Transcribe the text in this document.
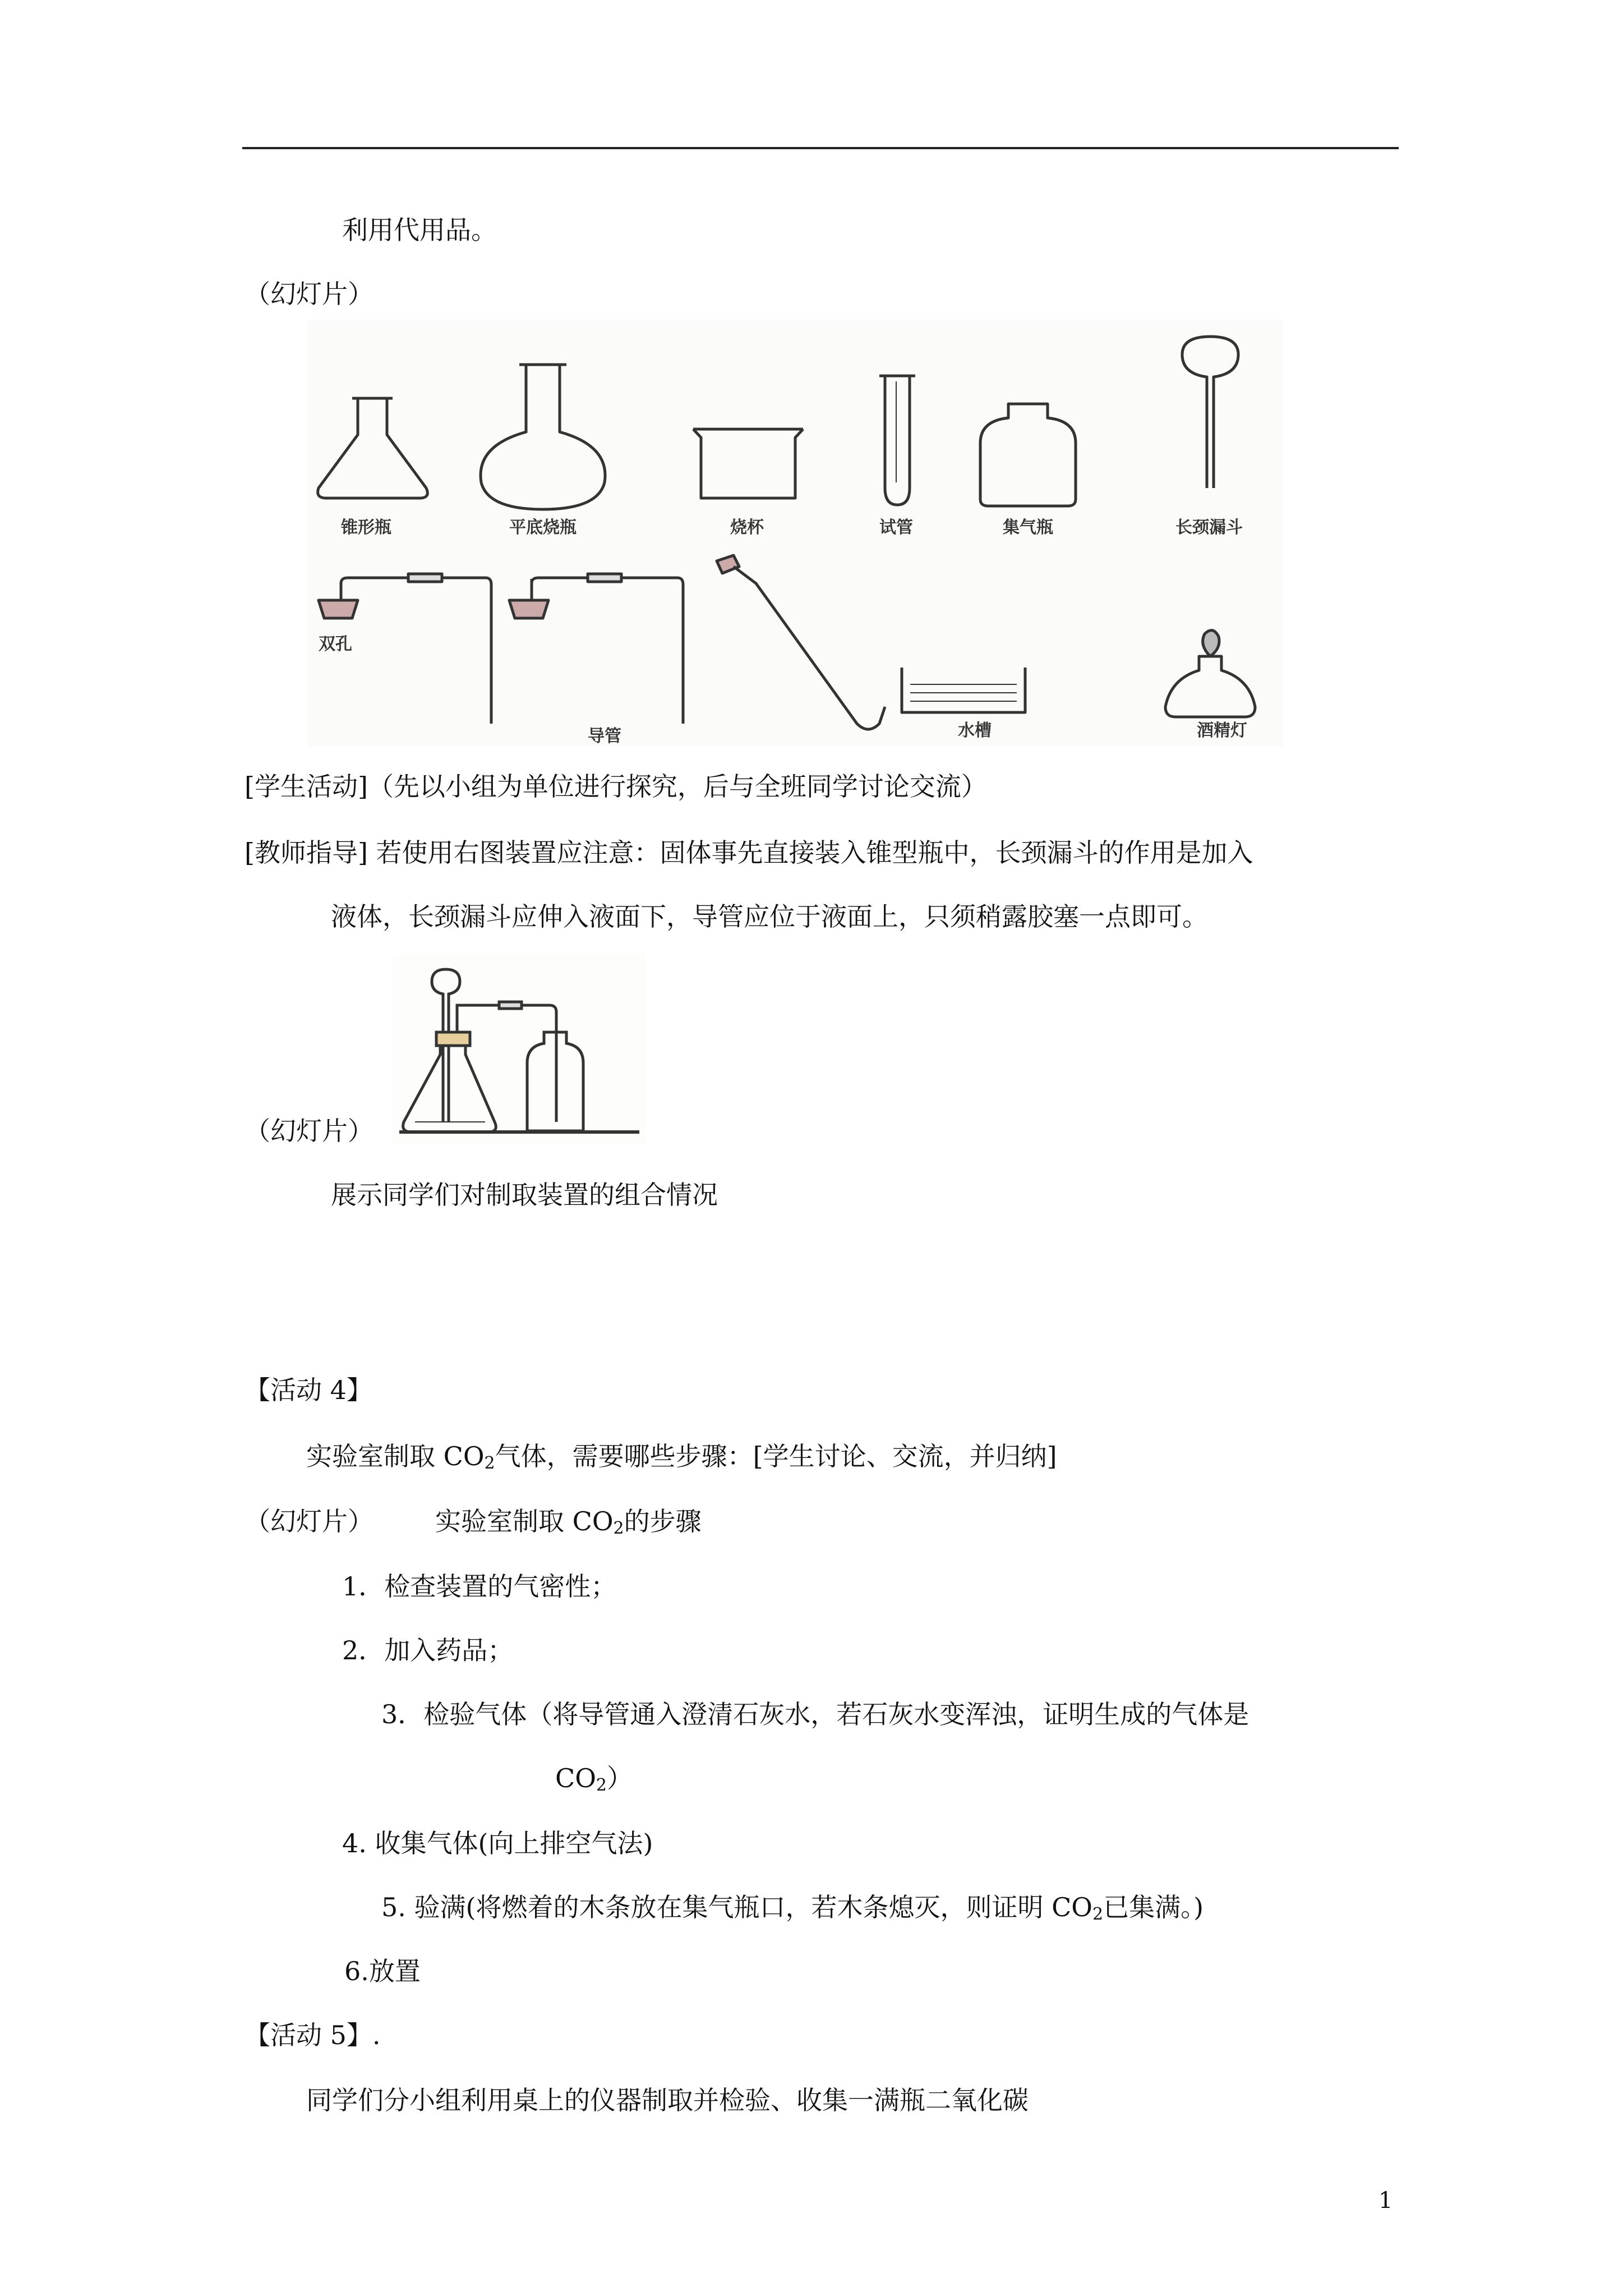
利用代用品。
（幻灯片）
锥形瓶	平底烧瓶	烧杯	试管	集气瓶	长颈漏斗
双孔
导管	水槽	酒精灯
[学生活动]（先以小组为单位进行探究，后与全班同学讨论交流）
[教师指导] 若使用右图装置应注意：固体事先直接装入锥型瓶中，长颈漏斗的作用是加入
液体，长颈漏斗应伸入液面下，导管应位于液面上，只须稍露胶塞一点即可。
（幻灯片）
展示同学们对制取装置的组合情况
【活动 4】
实验室制取 $CO_2$气体，需要哪些步骤：[学生讨论、交流，并归纳]
（幻灯片） 实验室制取 $CO_2$的步骤
1．检查装置的气密性；
2．加入药品；
3．检验气体（将导管通入澄清石灰水，若石灰水变浑浊，证明生成的气体是
$CO_2$）
4. 收集气体(向上排空气法)
5. 验满(将燃着的木条放在集气瓶口，若木条熄灭，则证明 $CO_2$已集满。)
6.放置
【活动 5】.
同学们分小组利用桌上的仪器制取并检验、收集一满瓶二氧化碳
1
